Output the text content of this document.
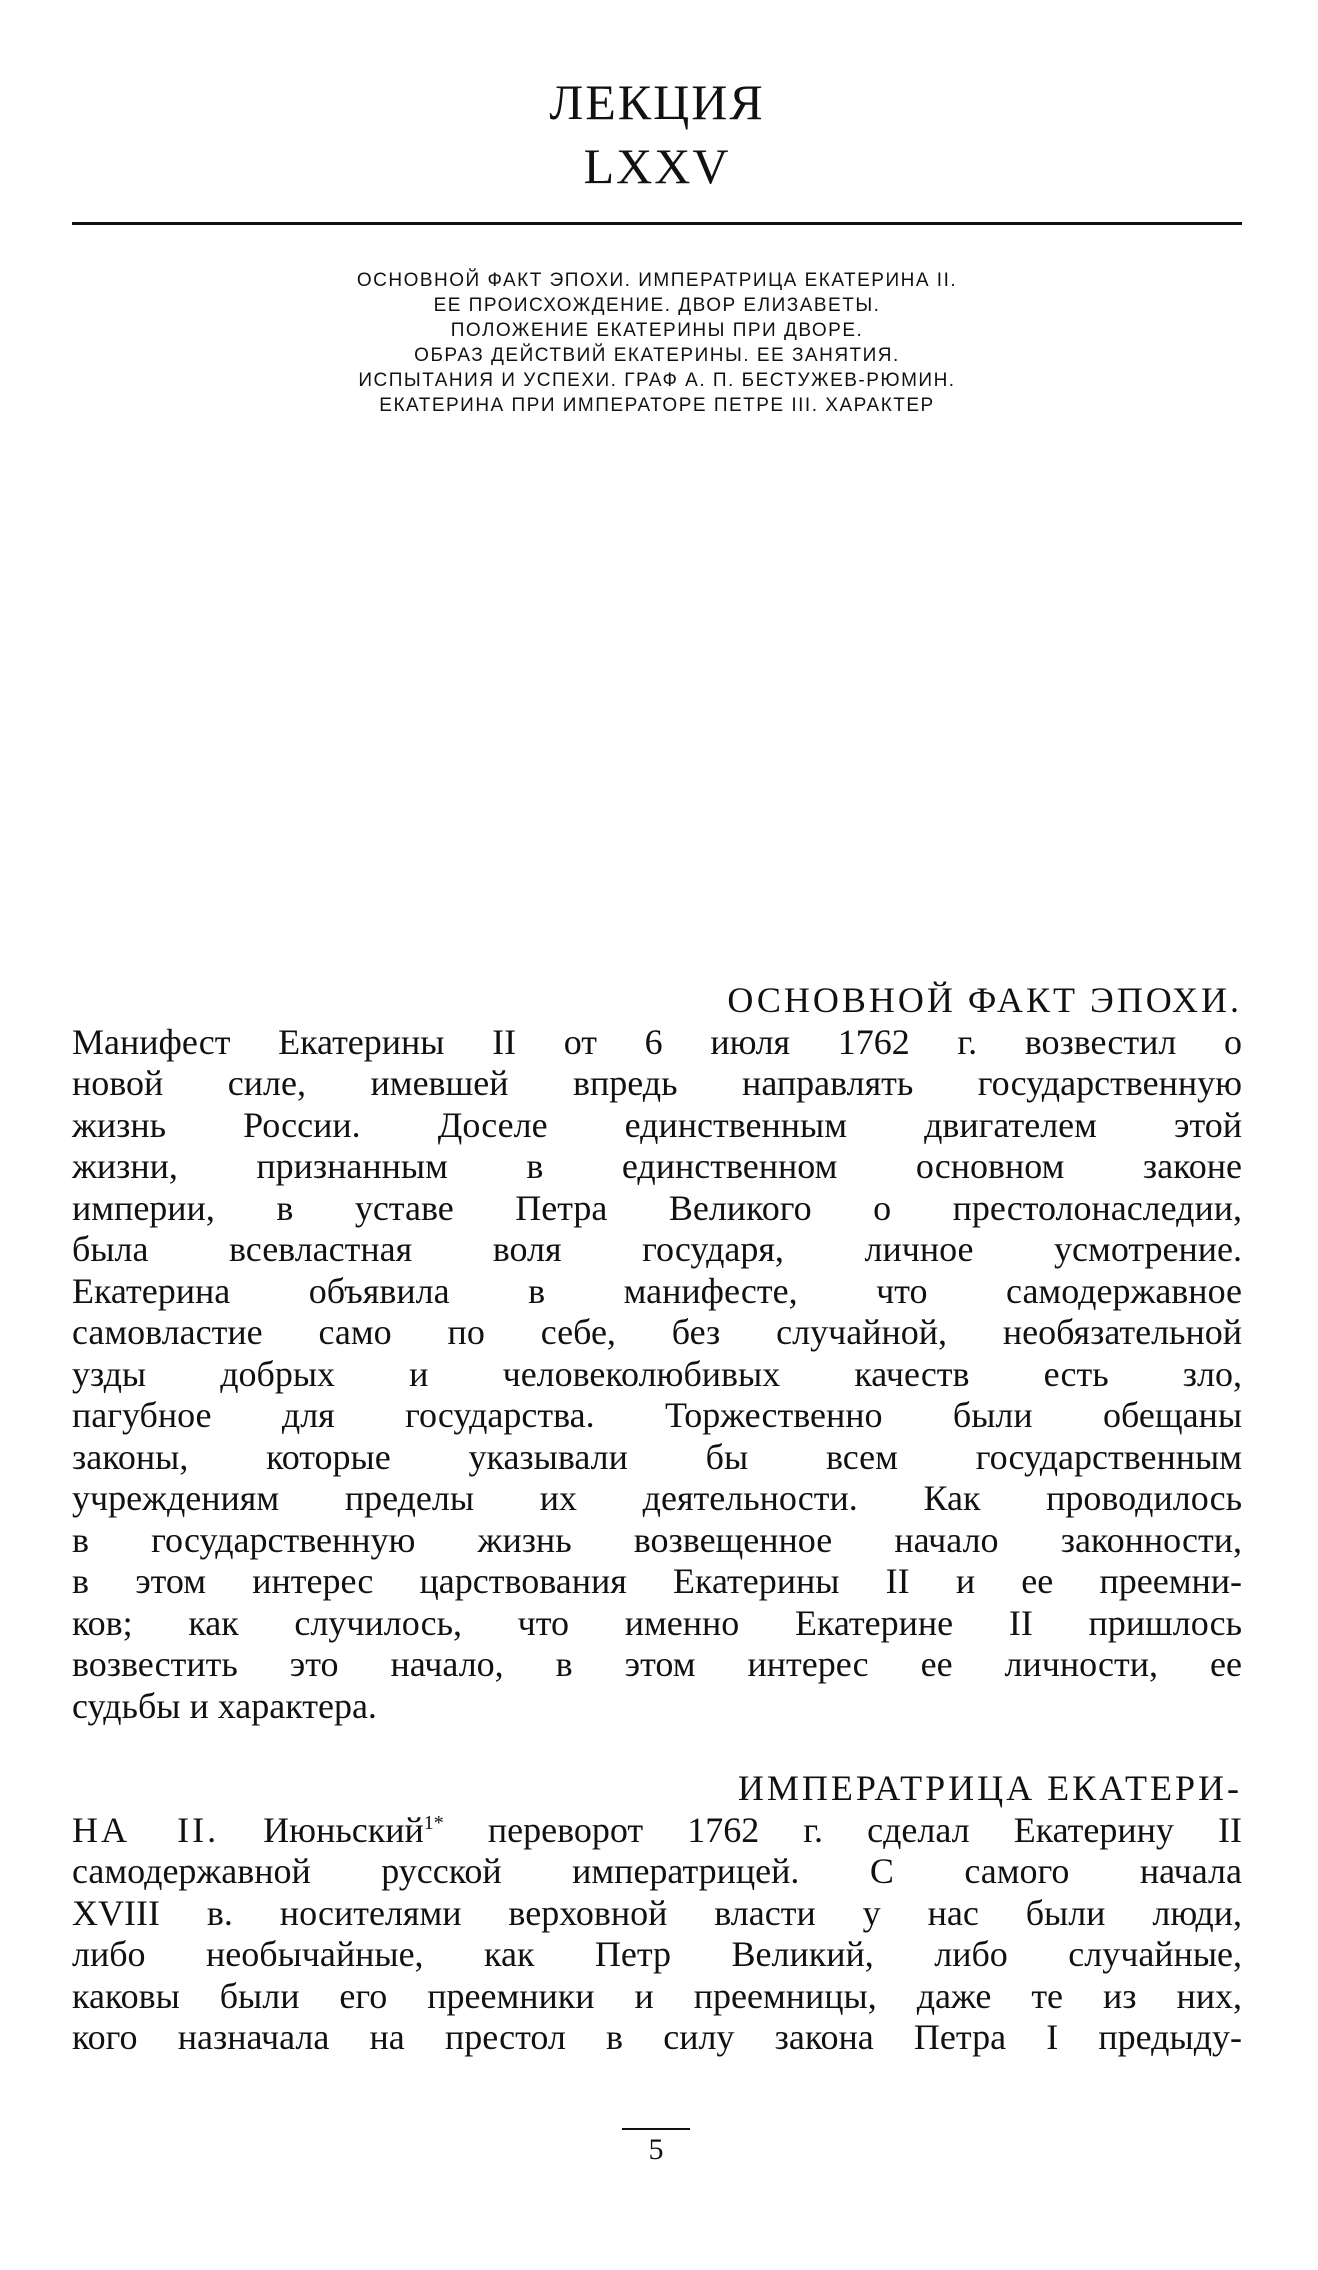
ЛЕКЦИЯ
LXXV
ОСНОВНОЙ ФАКТ ЭПОХИ. ИМПЕРАТРИЦА ЕКАТЕРИНА II.
ЕЕ ПРОИСХОЖДЕНИЕ. ДВОР ЕЛИЗАВЕТЫ.
ПОЛОЖЕНИЕ ЕКАТЕРИНЫ ПРИ ДВОРЕ.
ОБРАЗ ДЕЙСТВИЙ ЕКАТЕРИНЫ. ЕЕ ЗАНЯТИЯ.
ИСПЫТАНИЯ И УСПЕХИ. ГРАФ А. П. БЕСТУЖЕВ-РЮМИН.
ЕКАТЕРИНА ПРИ ИМПЕРАТОРЕ ПЕТРЕ III. ХАРАКТЕР
ОСНОВНОЙ ФАКТ ЭПОХИ.
Манифест Екатерины II от 6 июля 1762 г. возвестил о
новой силе, имевшей впредь направлять государственную
жизнь России. Доселе единственным двигателем этой
жизни, признанным в единственном основном законе
империи, в уставе Петра Великого о престолонаследии,
была всевластная воля государя, личное усмотрение.
Екатерина объявила в манифесте, что самодержавное
самовластие само по себе, без случайной, необязательной
узды добрых и человеколюбивых качеств есть зло,
пагубное для государства. Торжественно были обещаны
законы, которые указывали бы всем государственным
учреждениям пределы их деятельности. Как проводилось
в государственную жизнь возвещенное начало законности,
в этом интерес царствования Екатерины II и ее преемни-
ков; как случилось, что именно Екатерине II пришлось
возвестить это начало, в этом интерес ее личности, ее
судьбы и характера.
ИМПЕРАТРИЦА ЕКАТЕРИ-
НА II. Июньский$^{1*}$ переворот 1762 г. сделал Екатерину II
самодержавной русской императрицей. С самого начала
XVIII в. носителями верховной власти у нас были люди,
либо необычайные, как Петр Великий, либо случайные,
каковы были его преемники и преемницы, даже те из них,
кого назначала на престол в силу закона Петра I предыду-
5
